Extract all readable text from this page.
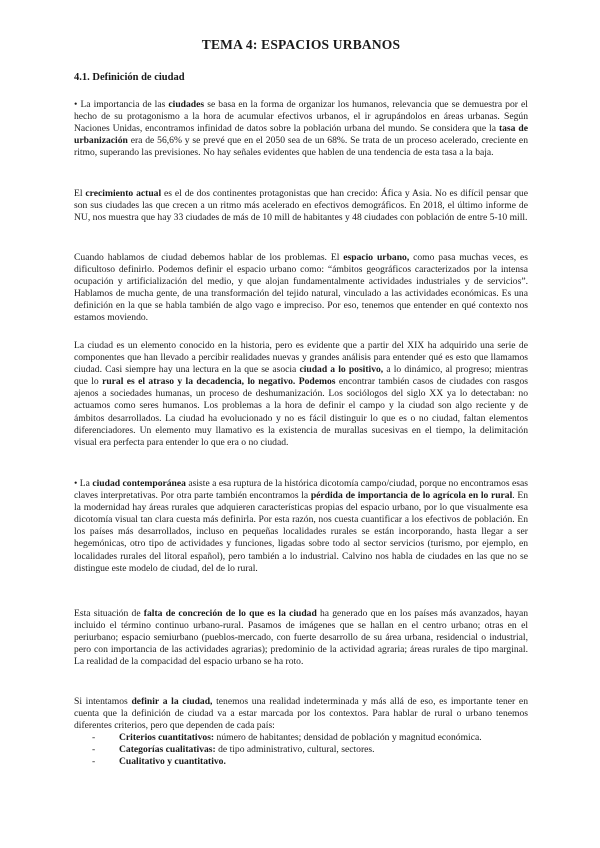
TEMA 4: ESPACIOS URBANOS
4.1. Definición de ciudad

• La importancia de las ciudades se basa en la forma de organizar los humanos, relevancia que se demuestra por el hecho de su protagonismo a la hora de acumular efectivos urbanos, el ir agrupándolos en áreas urbanas. Según Naciones Unidas, encontramos infinidad de datos sobre la población urbana del mundo. Se considera que la tasa de urbanización era de 56,6% y se prevé que en el 2050 sea de un 68%. Se trata de un proceso acelerado, creciente en ritmo, superando las previsiones. No hay señales evidentes que hablen de una tendencia de esta tasa a la baja.

El crecimiento actual es el de dos continentes protagonistas que han crecido: Áfica y Asia. No es difícil pensar que son sus ciudades las que crecen a un ritmo más acelerado en efectivos demográficos. En 2018, el último informe de NU, nos muestra que hay 33 ciudades de más de 10 mill de habitantes y 48 ciudades con población de entre 5-10 mill.

Cuando hablamos de ciudad debemos hablar de los problemas. El espacio urbano, como pasa muchas veces, es dificultoso definirlo. Podemos definir el espacio urbano como: “ámbitos geográficos caracterizados por la intensa ocupación y artificialización del medio, y que alojan fundamentalmente actividades industriales y de servicios”. Hablamos de mucha gente, de una transformación del tejido natural, vinculado a las actividades económicas. Es una definición en la que se habla también de algo vago e impreciso. Por eso, tenemos que entender en qué contexto nos estamos moviendo.

La ciudad es un elemento conocido en la historia, pero es evidente que a partir del XIX ha adquirido una serie de componentes que han llevado a percibir realidades nuevas y grandes análisis para entender qué es esto que llamamos ciudad. Casi siempre hay una lectura en la que se asocia ciudad a lo positivo, a lo dinámico, al progreso; mientras que lo rural es el atraso y la decadencia, lo negativo. Podemos encontrar también casos de ciudades con rasgos ajenos a sociedades humanas, un proceso de deshumanización. Los sociólogos del siglo XX ya lo detectaban: no actuamos como seres humanos. Los problemas a la hora de definir el campo y la ciudad son algo reciente y de ámbitos desarrollados. La ciudad ha evolucionado y no es fácil distinguir lo que es o no ciudad, faltan elementos diferenciadores. Un elemento muy llamativo es la existencia de murallas sucesivas en el tiempo, la delimitación visual era perfecta para entender lo que era o no ciudad.

• La ciudad contemporánea asiste a esa ruptura de la histórica dicotomía campo/ciudad, porque no encontramos esas claves interpretativas. Por otra parte también encontramos la pérdida de importancia de lo agrícola en lo rural. En la modernidad hay áreas rurales que adquieren características propias del espacio urbano, por lo que visualmente esa dicotomía visual tan clara cuesta más definirla. Por esta razón, nos cuesta cuantificar a los efectivos de población. En los países más desarrollados, incluso en pequeñas localidades rurales se están incorporando, hasta llegar a ser hegemónicas, otro tipo de actividades y funciones, ligadas sobre todo al sector servicios (turismo, por ejemplo, en localidades rurales del litoral español), pero también a lo industrial. Calvino nos habla de ciudades en las que no se distingue este modelo de ciudad, del de lo rural.

Esta situación de falta de concreción de lo que es la ciudad ha generado que en los países más avanzados, hayan incluido el término continuo urbano-rural. Pasamos de imágenes que se hallan en el centro urbano; otras en el periurbano; espacio semiurbano (pueblos-mercado, con fuerte desarrollo de su área urbana, residencial o industrial, pero con importancia de las actividades agrarias); predominio de la actividad agraria; áreas rurales de tipo marginal. La realidad de la compacidad del espacio urbano se ha roto.

Si intentamos definir a la ciudad, tenemos una realidad indeterminada y más allá de eso, es importante tener en cuenta que la definición de ciudad va a estar marcada por los contextos. Para hablar de rural o urbano tenemos diferentes criterios, pero que dependen de cada país:

- Criterios cuantitativos: número de habitantes; densidad de población y magnitud económica.
- Categorías cualitativas: de tipo administrativo, cultural, sectores.
- Cualitativo y cuantitativo.
